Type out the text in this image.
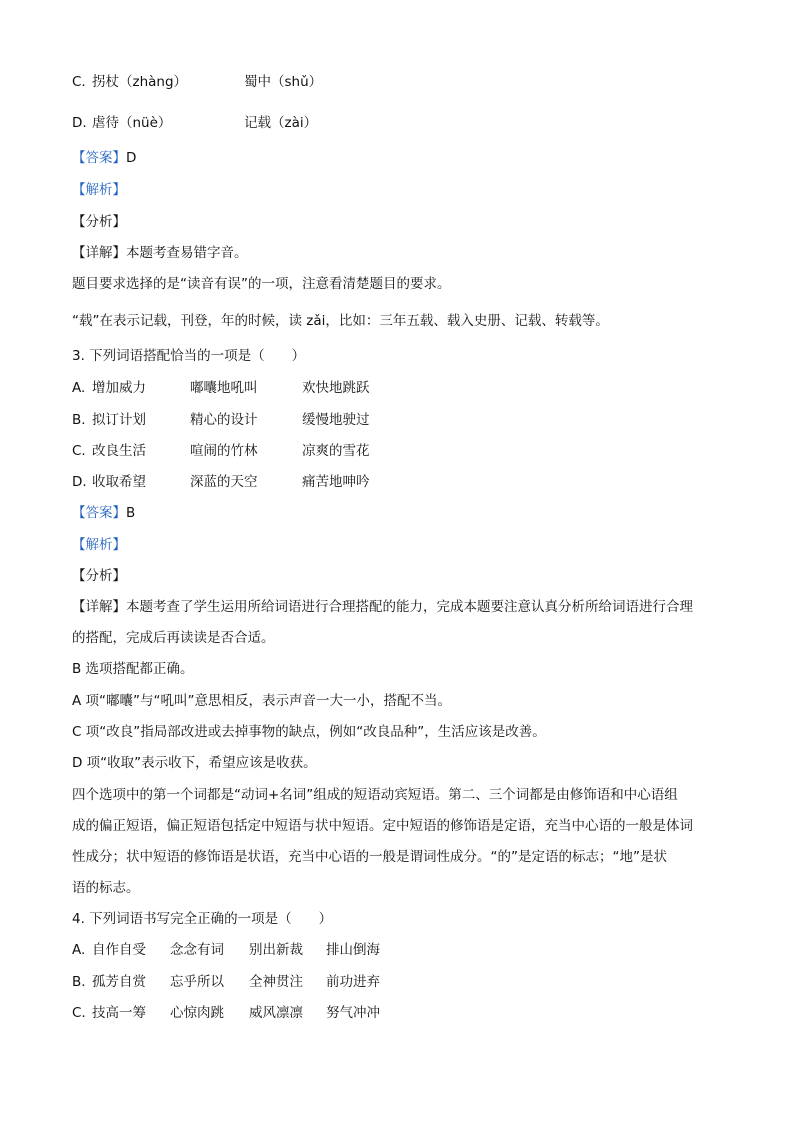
C. 拐杖（zhàng）	蜀中（shǔ）
D. 虐待（nüè）	记载（zài）
【答案】D
【解析】
【分析】
【详解】本题考查易错字音。
题目要求选择的是“读音有误”的一项，注意看清楚题目的要求。
“载”在表示记载，刊登，年的时候，读 zǎi，比如：三年五载、载入史册、记载、转载等。
3. 下列词语搭配恰当的一项是（　　）
A. 增加威力	嘟囔地吼叫	欢快地跳跃
B. 拟订计划	精心的设计	缓慢地驶过
C. 改良生活	喧闹的竹林	凉爽的雪花
D. 收取希望	深蓝的天空	痛苦地呻吟
【答案】B
【解析】
【分析】
【详解】本题考查了学生运用所给词语进行合理搭配的能力，完成本题要注意认真分析所给词语进行合理
的搭配，完成后再读读是否合适。
B 选项搭配都正确。
A 项“嘟囔”与“吼叫”意思相反，表示声音一大一小，搭配不当。
C 项“改良”指局部改进或去掉事物的缺点，例如“改良品种”，生活应该是改善。
D 项“收取”表示收下，希望应该是收获。
四个选项中的第一个词都是“动词+名词”组成的短语动宾短语。第二、三个词都是由修饰语和中心语组
成的偏正短语，偏正短语包括定中短语与状中短语。定中短语的修饰语是定语，充当中心语的一般是体词
性成分；状中短语的修饰语是状语，充当中心语的一般是谓词性成分。“的”是定语的标志；“地”是状
语的标志。
4. 下列词语书写完全正确的一项是（　　）
A. 自作自受 念念有词 别出新裁 排山倒海
B. 孤芳自赏 忘乎所以 全神贯注 前功进弃
C. 技高一筹 心惊肉跳 威风凛凛 努气冲冲
